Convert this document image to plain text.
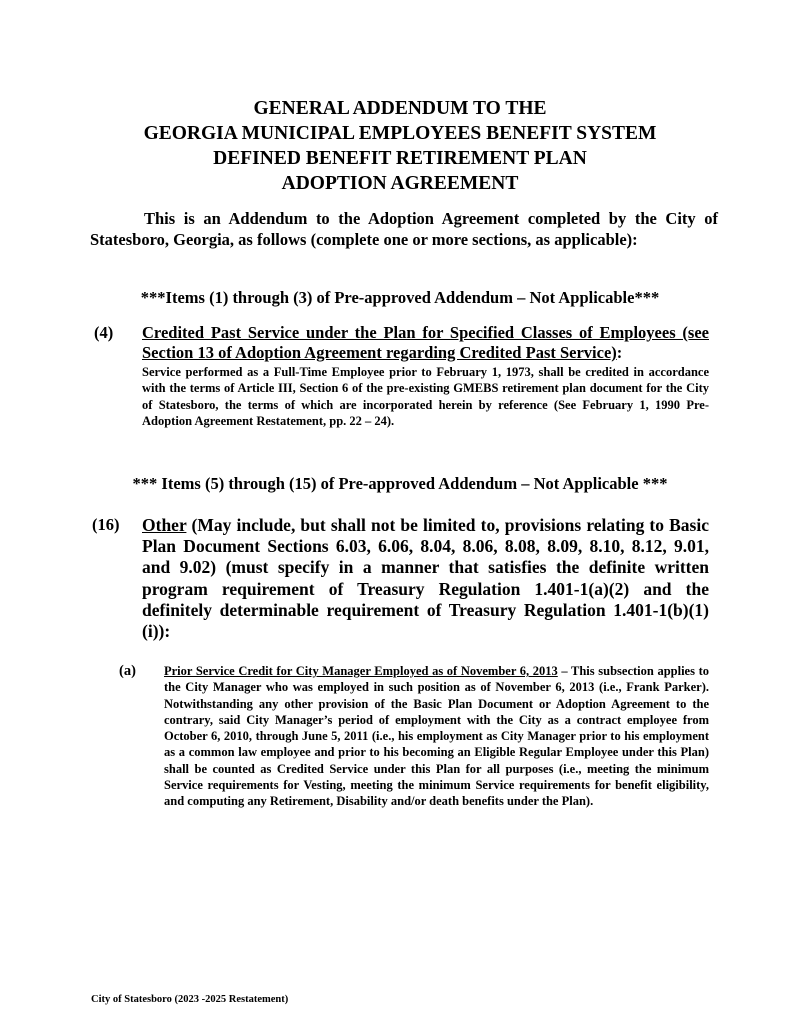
GENERAL ADDENDUM TO THE
GEORGIA MUNICIPAL EMPLOYEES BENEFIT SYSTEM
DEFINED BENEFIT RETIREMENT PLAN
ADOPTION AGREEMENT
This is an Addendum to the Adoption Agreement completed by the City of Statesboro, Georgia, as follows (complete one or more sections, as applicable):
***Items (1) through (3) of Pre-approved Addendum – Not Applicable***
(4) Credited Past Service under the Plan for Specified Classes of Employees (see Section 13 of Adoption Agreement regarding Credited Past Service):
Service performed as a Full-Time Employee prior to February 1, 1973, shall be credited in accordance with the terms of Article III, Section 6 of the pre-existing GMEBS retirement plan document for the City of Statesboro, the terms of which are incorporated herein by reference (See February 1, 1990 Pre-Adoption Agreement Restatement, pp. 22 – 24).
*** Items (5) through (15) of Pre-approved Addendum – Not Applicable ***
(16) Other (May include, but shall not be limited to, provisions relating to Basic Plan Document Sections 6.03, 6.06, 8.04, 8.06, 8.08, 8.09, 8.10, 8.12, 9.01, and 9.02) (must specify in a manner that satisfies the definite written program requirement of Treasury Regulation 1.401-1(a)(2) and the definitely determinable requirement of Treasury Regulation 1.401-1(b)(1)(i)):
(a) Prior Service Credit for City Manager Employed as of November 6, 2013 – This subsection applies to the City Manager who was employed in such position as of November 6, 2013 (i.e., Frank Parker). Notwithstanding any other provision of the Basic Plan Document or Adoption Agreement to the contrary, said City Manager’s period of employment with the City as a contract employee from October 6, 2010, through June 5, 2011 (i.e., his employment as City Manager prior to his employment as a common law employee and prior to his becoming an Eligible Regular Employee under this Plan) shall be counted as Credited Service under this Plan for all purposes (i.e., meeting the minimum Service requirements for Vesting, meeting the minimum Service requirements for benefit eligibility, and computing any Retirement, Disability and/or death benefits under the Plan).
City of Statesboro (2023 -2025 Restatement)
